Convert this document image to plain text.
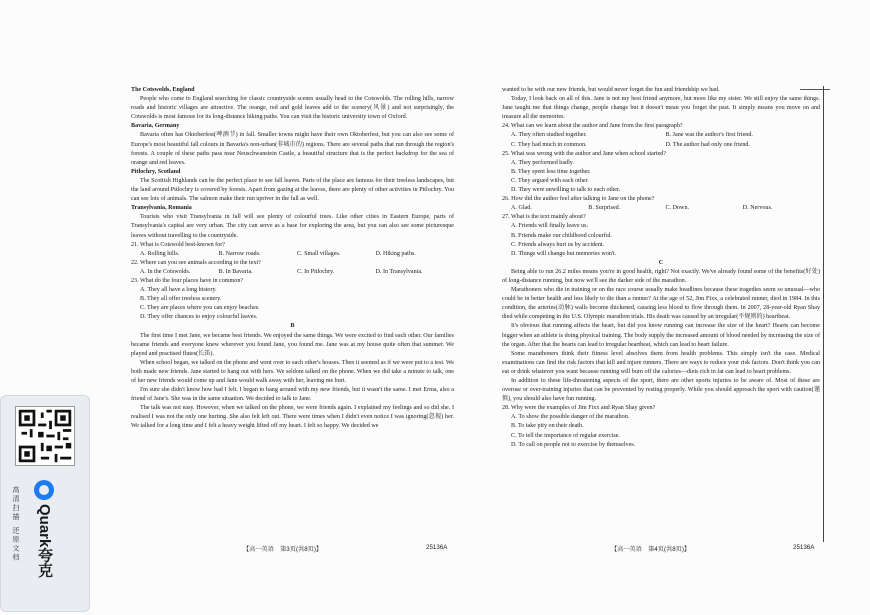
The Cotswolds, England

People who come to England searching for classic countryside scenes usually head to the Cotswolds. The rolling hills, narrow roads and historic villages are attractive. The orange, red and gold leaves add to the scenery(风景) and not surprisingly, the Cotswolds is most famous for its long-distance hiking paths. You can visit the historic university town of Oxford.

Bavaria, Germany

Bavaria often has Oktoberfest(啤酒节) in fall. Smaller towns might have their own Oktoberfest, but you can also see some of Europe's most beautiful fall colours in Bavaria's non-urban(非城市的) regions. There are several paths that run through the region's forests. A couple of these paths pass near Neuschwanstein Castle, a beautiful structure that is the perfect backdrop for the sea of orange and red leaves.

Pitlochry, Scotland

The Scottish Highlands can be the perfect place to see fall leaves. Parts of the place are famous for their treeless landscapes, but the land around Pitlochry is covered by forests. Apart from gazing at the leaves, there are plenty of other activities in Pitlochry. You can see lots of animals. The salmon make their run upriver in the fall as well.

Transylvania, Romania

Tourists who visit Transylvania in fall will see plenty of colourful trees. Like other cities in Eastern Europe, parts of Transylvania's capital are very urban. The city can serve as a base for exploring the area, but you can also see some picturesque leaves without travelling to the countryside.

21. What is Cotswold best-known for?

A. Rolling hills.	B. Narrow roads.	C. Small villages.	D. Hiking paths.

22. Where can you see animals according to the text?

A. In the Cotswolds.	B. In Bavaria.	C. In Pitlochry.	D. In Transylvania.

23. What do the four places have in common?

A. They all have a long history.

B. They all offer treeless scenery.

C. They are places where you can enjoy beaches.

D. They offer chances to enjoy colourful leaves.

B

The first time I met Jane, we became best friends. We enjoyed the same things. We were excited to find each other. Our families became friends and everyone knew wherever you found Jane, you found me. Jane was at my house quite often that summer. We played and practised flutes(长笛).

When school began, we talked on the phone and went over to each other's houses. Then it seemed as if we were put to a test. We both made new friends. Jane started to hang out with hers. We seldom talked on the phone. When we did take a minute to talk, one of her new friends would come up and Jane would walk away with her, leaving me hurt.

I'm sure she didn't know how bad I felt. I began to hang around with my new friends, but it wasn't the same. I met Erma, also a friend of Jane's. She was in the same situation. We decided to talk to Jane.

The talk was not easy. However, when we talked on the phone, we were friends again. I explained my feelings and so did she. I realised I was not the only one hurting. She also felt left out. There were times when I didn't even notice I was ignoring(忽视) her. We talked for a long time and I felt a heavy weight lifted off my heart. I felt so happy. We decided we

wanted to be with our new friends, but would never forget the fun and friendship we had.

Today, I look back on all of this. Jane is not my best friend anymore, but more like my sister. We still enjoy the same things. Jane taught me that things change, people change but it doesn't mean you forget the past. It simply means you move on and treasure all the memories.

24. What can we learn about the author and Jane from the first paragraph?

A. They often studied together.	B. Jane was the author's first friend.
C. They had much in common.	D. The author had only one friend.

25. What was wrong with the author and Jane when school started?

A. They performed badly.

B. They spent less time together.

C. They argued with each other.

D. They were unwilling to talk to each other.

26. How did the author feel after talking to Jane on the phone?

A. Glad.	B. Surprised.	C. Down.	D. Nervous.

27. What is the text mainly about?

A. Friends will finally leave us.

B. Friends make our childhood colourful.

C. Friends always hurt us by accident.

D. Things will change but memories won't.

C

Being able to run 26.2 miles means you're in good health, right? Not exactly. We've already found some of the benefits(好处) of long-distance running, but now we'll see the darker side of the marathon.

Marathoners who die in training or on the race course usually make headlines because these tragedies seem so unusual—who could be in better health and less likely to die than a runner? At the age of 52, Jim Fixx, a celebrated runner, died in 1984. In this condition, the arteries(动脉) walls become thickened, causing less blood to flow through them. In 2007, 28-year-old Ryan Shay died while competing in the U.S. Olympic marathon trials. His death was caused by an irregular(不规则的) heartbeat.

It's obvious that running affects the heart, but did you know running can increase the size of the heart? Hearts can become bigger when an athlete is doing physical training. The body supply the increased amount of blood needed by increasing the size of the organ. After that the hearts can lead to irregular heartbeat, which can lead to heart failure.

Some marathoners think their fitness level absolves them from health problems. This simply isn't the case. Medical examinations can find the risk factors that kill and injure runners. There are ways to reduce your risk factors. Don't think you can eat or drink whatever you want because running will burn off the calories—diets rich in fat can lead to heart problems.

In addition to these life-threatening aspects of the sport, there are other sports injuries to be aware of. Most of these are overuse or over-training injuries that can be prevented by resting properly. While you should approach the sport with caution(谨慎), you should also have fun running.

28. Why were the examples of Jim Fixx and Ryan Shay given?

A. To show the possible danger of the marathon.

B. To take pity on their death.

C. To tell the importance of regular exercise.

D. To call on people not to exercise by themselves.

【高一英语　第3页(共8页)】	25136A	【高一英语　第4页(共8页)】	25136A
Quark夸克
高清扫描 还原文档
